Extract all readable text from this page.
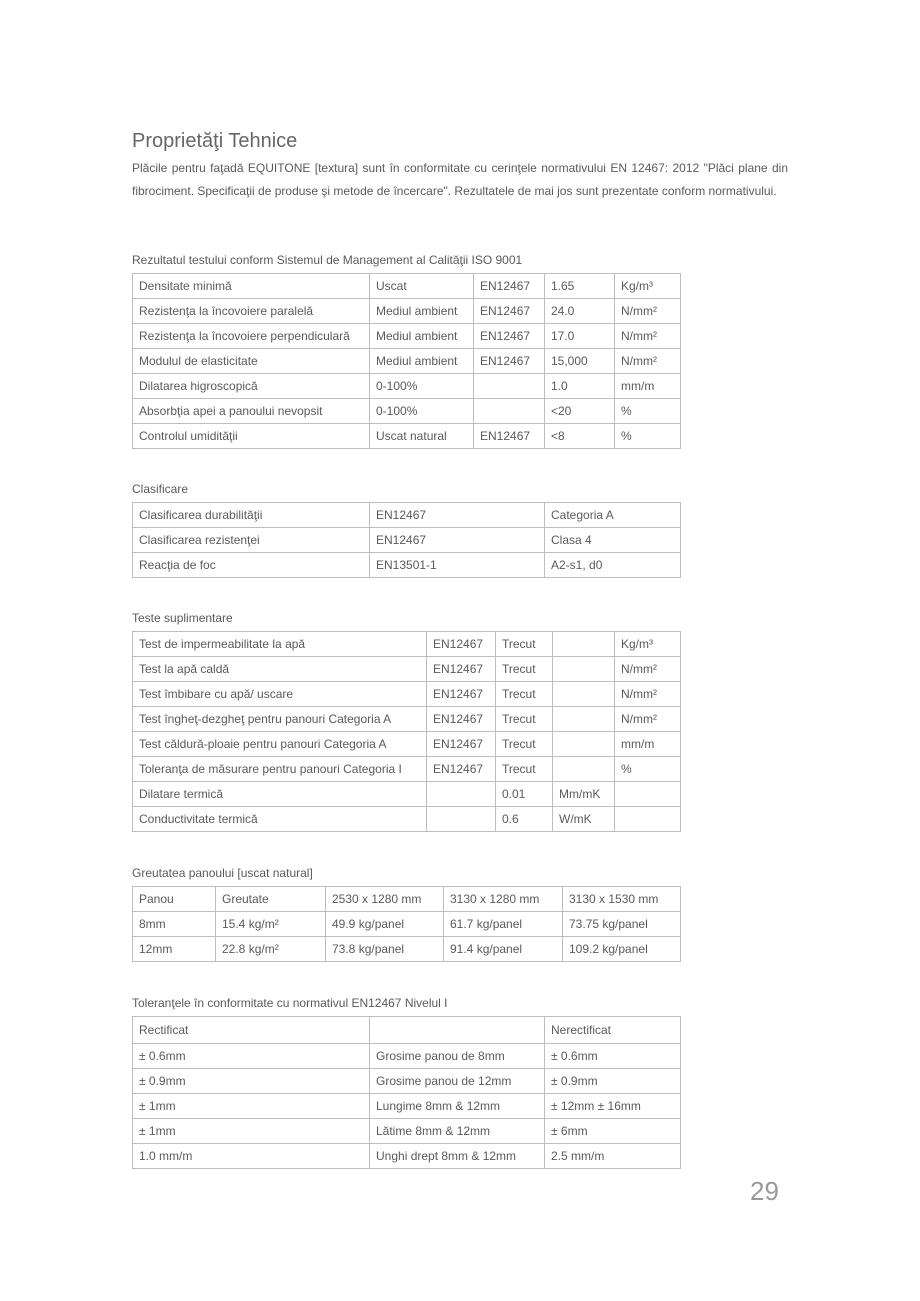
Proprietăţi Tehnice
Plăcile pentru faţadă EQUITONE [textura] sunt în conformitate cu cerinţele normativului EN 12467: 2012 "Plăci plane din fibrociment. Specificaţii de produse şi metode de încercare". Rezultatele de mai jos sunt prezentate conform normativului.
Rezultatul testului conform Sistemul de Management al Calităţii ISO 9001
Densitate minimă	Uscat	EN12467	1.65	Kg/m³
Rezistenţa la încovoiere paralelă	Mediul ambient	EN12467	24.0	N/mm²
Rezistenţa la încovoiere perpendiculară	Mediul ambient	EN12467	17.0	N/mm²
Modulul de elasticitate	Mediul ambient	EN12467	15,000	N/mm²
Dilatarea higroscopică	0-100%		1.0	mm/m
Absorbţia apei a panoului nevopsit	0-100%		<20	%
Controlul umidităţii	Uscat natural	EN12467	<8	%
Clasificare
Clasificarea durabilităţii	EN12467	Categoria A
Clasificarea rezistenţei	EN12467	Clasa 4
Reacţia de foc	EN13501-1	A2-s1, d0
Teste suplimentare
Test de impermeabilitate la apă	EN12467	Trecut		Kg/m³
Test la apă caldă	EN12467	Trecut		N/mm²
Test îmbibare cu apă/ uscare	EN12467	Trecut		N/mm²
Test îngheţ-dezgheţ pentru panouri Categoria A	EN12467	Trecut		N/mm²
Test căldură-ploaie pentru panouri Categoria A	EN12467	Trecut		mm/m
Toleranţa de măsurare pentru panouri Categoria I	EN12467	Trecut		%
Dilatare termică		0.01	Mm/mK	
Conductivitate termică		0.6	W/mK	
Greutatea panoului [uscat natural]
Panou	Greutate	2530 x 1280 mm	3130 x 1280 mm	3130 x 1530 mm
8mm	15.4 kg/m²	49.9 kg/panel	61.7 kg/panel	73.75 kg/panel
12mm	22.8 kg/m²	73.8 kg/panel	91.4 kg/panel	109.2 kg/panel
Toleranţele în conformitate cu normativul EN12467 Nivelul I
Rectificat		Nerectificat
± 0.6mm	Grosime panou de 8mm	± 0.6mm
± 0.9mm	Grosime panou de 12mm	± 0.9mm
± 1mm	Lungime 8mm & 12mm	± 12mm ± 16mm
± 1mm	Lătime 8mm & 12mm	± 6mm
1.0 mm/m	Unghi drept 8mm & 12mm	2.5 mm/m
29
